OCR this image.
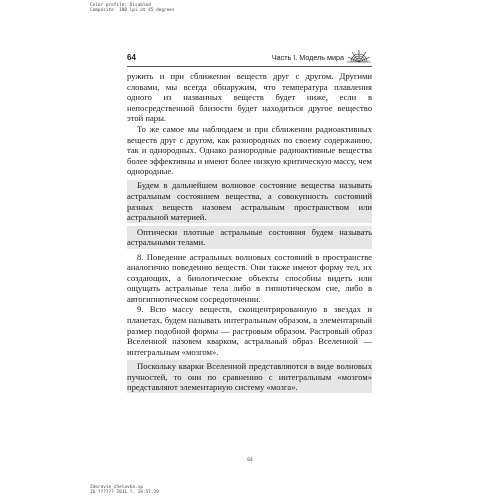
Color profile: Disabled
Composite  100 lpi at 45 degrees
64	Часть I. Модель мира

ружить и при сближении веществ друг с другом. Другими словами, мы всегда обнаружим, что температура плавления одного из названных веществ будет ниже, если в непосредственной близости будет находиться другое вещество этой пары.

То же самое мы наблюдаем и при сближении радиоактивных веществ друг с другом, как разнородных по своему содержанию, так и однородных. Однако разнородные радиоактивные вещества более эффективны и имеют более низкую критическую массу, чем однородные.

Будем в дальнейшем волновое состояние вещества называть астральным состоянием вещества, а совокупность состояний разных веществ назовем астральным пространством или астральной материей.

Оптически плотные астральные состояния будем называть астральными телами.

8. Поведение астральных волновых состояний в пространстве аналогично поведению веществ. Они также имеют форму тел, их создающих, а биологические объекты способны видеть или ощущать астральные тела либо в гипнотическом сне, либо в автогипнотическом сосредоточении.

9. Всю массу веществ, сконцентрированную в звездах и планетах, будем называть интегральным образом, а элементарный размер подобной формы — растровым образом. Растровый образ Вселенной назовем кварком, астральный образ Вселенной — интегральным «мозгом».

Поскольку кварки Вселенной представляются в виде волновых пучностей, то они по сравнению с интегральным «мозгом» представляют элементарную систему «мозга».

64
Zdorovie_chelovka.vp
26 ?????? 2011 ?. 19:57:29
